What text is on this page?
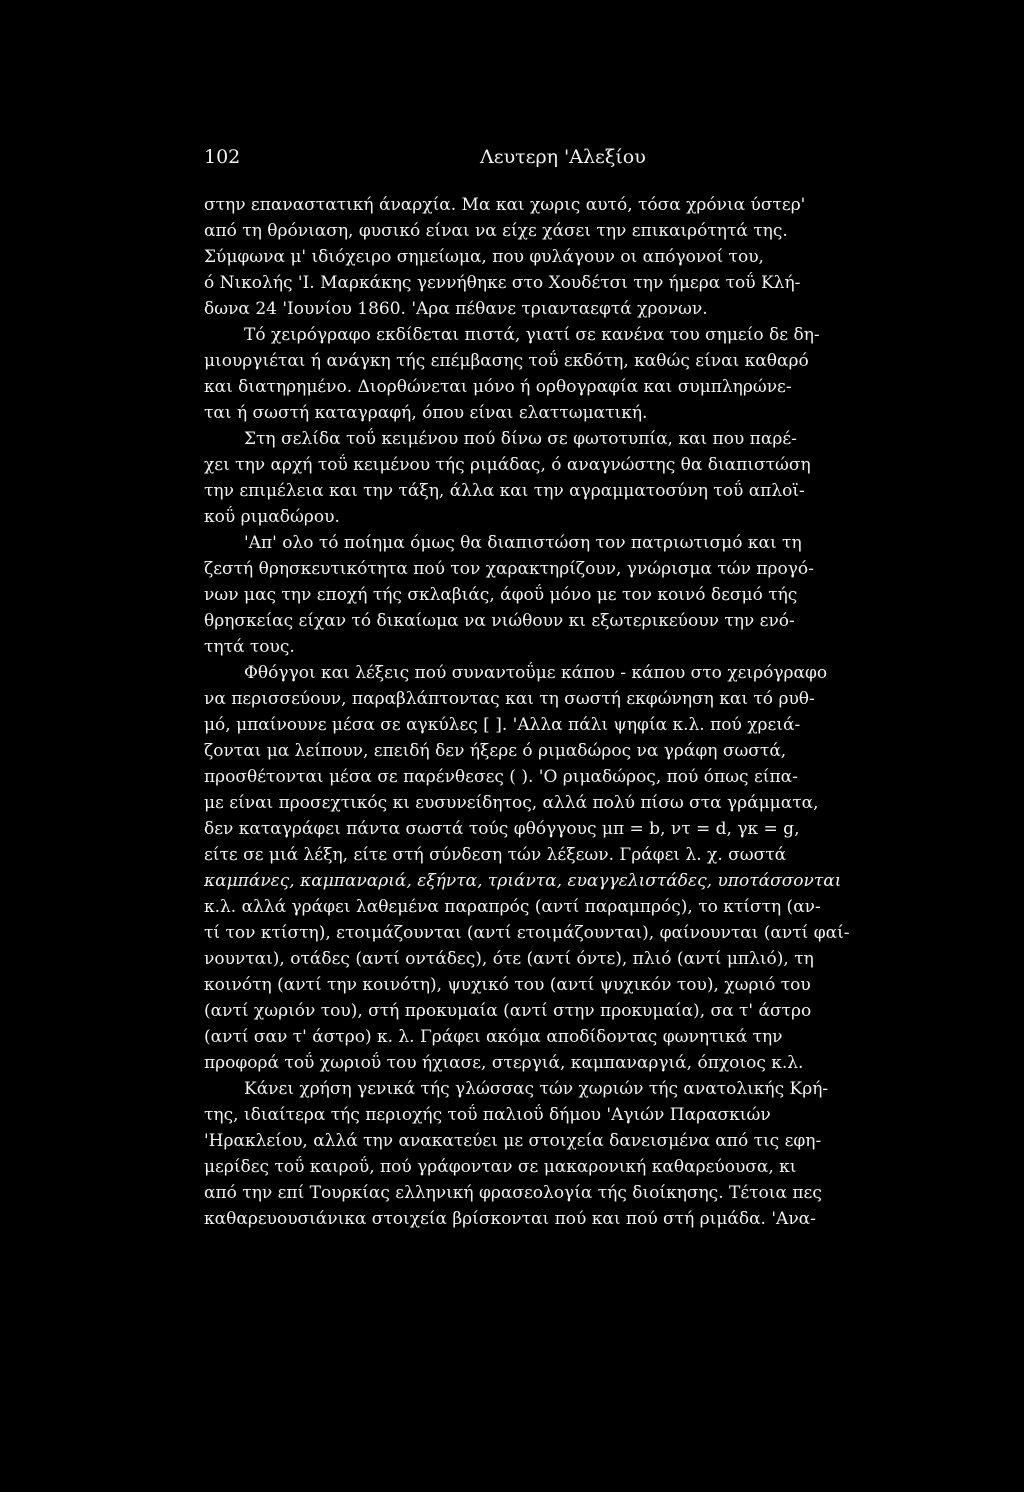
102	Λευτερη 'Αλεξίου
στην επαναστατική άναρχία. Μα και χωρις αυτό, τόσα χρόνια ύστερ'
από τη θρόνιαση, φυσικό είναι να είχε χάσει την επικαιρότητά της.
Σύμφωνα μ' ιδιόχειρο σημείωμα, που φυλάγουν οι απόγονοί του,
ό Νικολής 'Ι. Μαρκάκης γεννήθηκε στο Χουδέτσι την ήμερα τοΰ Κλή-
δωνα 24 'Ιουνίου 1860. 'Αρα πέθανε τριανταεφτά χρονων.
Τό χειρόγραφο εκδίδεται πιστά, γιατί σε κανένα του σημείο δε δη-
μιουργιέται ή ανάγκη τής επέμβασης τοΰ εκδότη, καθώς είναι καθαρό
και διατηρημένο. Διορθώνεται μόνο ή ορθογραφία και συμπληρώνε-
ται ή σωστή καταγραφή, όπου είναι ελαττωματική.
Στη σελίδα τοΰ κειμένου πού δίνω σε φωτοτυπία, και που παρέ-
χει την αρχή τοΰ κειμένου τής ριμάδας, ό αναγνώστης θα διαπιστώση
την επιμέλεια και την τάξη, άλλα και την αγραμματοσύνη τοΰ απλοϊ-
κοΰ ριμαδώρου.
'Απ' ολο τό ποίημα όμως θα διαπιστώση τον πατριωτισμό και τη
ζεστή θρησκευτικότητα πού τον χαρακτηρίζουν, γνώρισμα τών προγό-
νων μας την εποχή τής σκλαβιάς, άφοΰ μόνο με τον κοινό δεσμό τής
θρησκείας είχαν τό δικαίωμα να νιώθουν κι εξωτερικεύουν την ενό-
τητά τους.
Φθόγγοι και λέξεις πού συναντοΰμε κάπου - κάπου στο χειρόγραφο
να περισσεύουν, παραβλάπτοντας και τη σωστή εκφώνηση και τό ρυθ-
μό, μπαίνουνε μέσα σε αγκύλες [ ]. 'Αλλα πάλι ψηφία κ.λ. πού χρειά-
ζονται μα λείπουν, επειδή δεν ήξερε ό ριμαδώρος να γράφη σωστά,
προσθέτονται μέσα σε παρένθεσες ( ). 'Ο ριμαδώρος, πού όπως είπα-
με είναι προσεχτικός κι ευσυνείδητος, αλλά πολύ πίσω στα γράμματα,
δεν καταγράφει πάντα σωστά τούς φθόγγους μπ = b, ντ = d, γκ = g,
είτε σε μιά λέξη, είτε στή σύνδεση τών λέξεων. Γράφει λ. χ. σωστά
καμπάνες, καμπαναριά, εξήντα, τριάντα, ευαγγελιστάδες, υποτάσσονται
κ.λ. αλλά γράφει λαθεμένα παραπρός (αντί παραμπρός), το κτίστη (αν-
τί τον κτίστη), ετοιμάζουνται (αντί ετοιμάζουνται), φαίνουνται (αντί φαί-
νουνται), οτάδες (αντί οντάδες), ότε (αντί όντε), πλιό (αντί μπλιό), τη
κοινότη (αντί την κοινότη), ψυχικό του (αντί ψυχικόν του), χωριό του
(αντί χωριόν του), στή προκυμαία (αντί στην προκυμαία), σα τ' άστρο
(αντί σαν τ' άστρο) κ. λ. Γράφει ακόμα αποδίδοντας φωνητικά την
προφορά τοΰ χωριοΰ του ήχιασε, στεργιά, καμπαναργιά, όπχοιος κ.λ.
Κάνει χρήση γενικά τής γλώσσας τών χωριών τής ανατολικής Κρή-
της, ιδιαίτερα τής περιοχής τοΰ παλιοΰ δήμου 'Αγιών Παρασκιών
'Ηρακλείου, αλλά την ανακατεύει με στοιχεία δανεισμένα από τις εφη-
μερίδες τοΰ καιροΰ, πού γράφονταν σε μακαρονική καθαρεύουσα, κι
από την επί Τουρκίας ελληνική φρασεολογία τής διοίκησης. Τέτοια πες
καθαρευουσιάνικα στοιχεία βρίσκονται πού και πού στή ριμάδα. 'Ανα-
